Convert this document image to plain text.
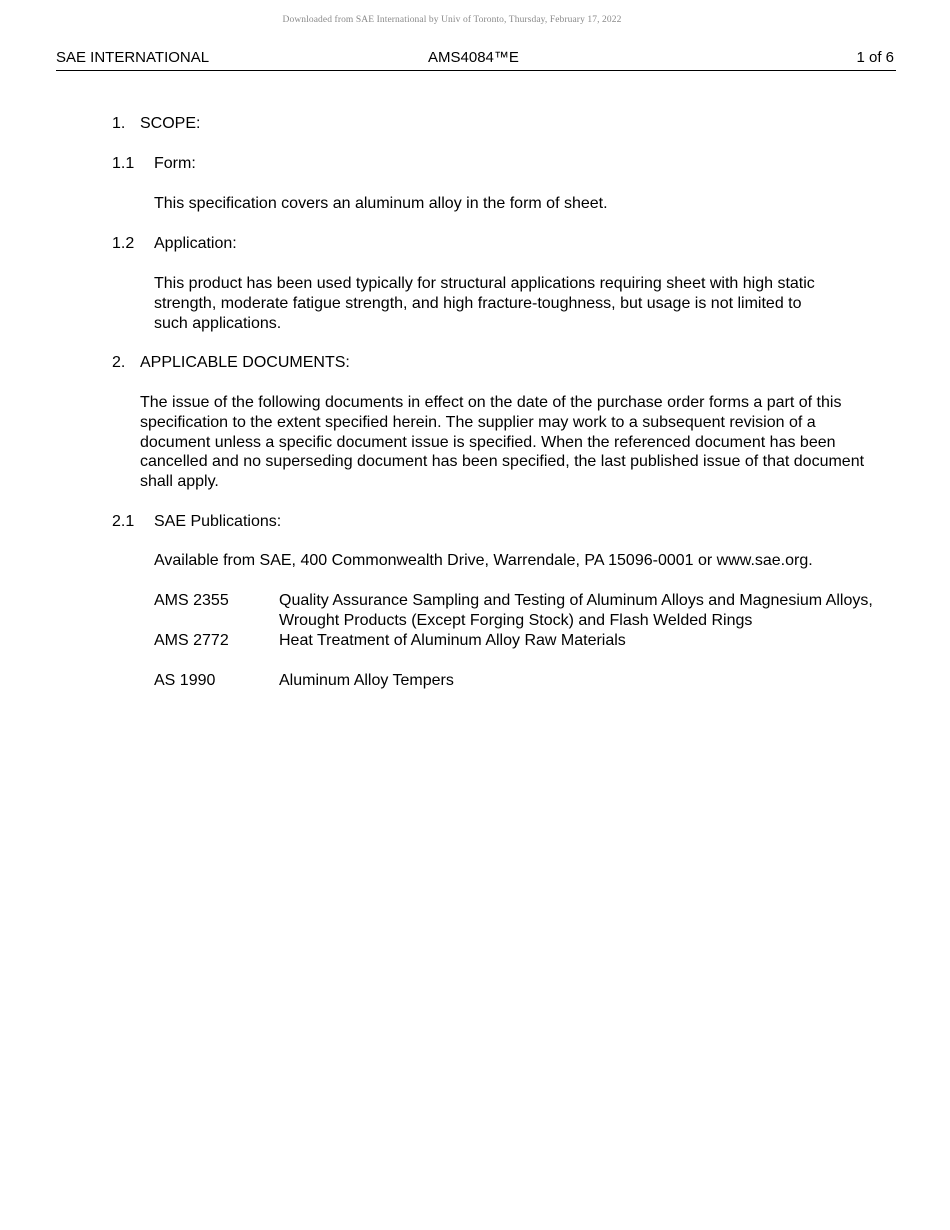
Downloaded from SAE International by Univ of Toronto, Thursday, February 17, 2022
SAE INTERNATIONAL	AMS4084™E	1 of 6
1. SCOPE:
1.1 Form:
This specification covers an aluminum alloy in the form of sheet.
1.2 Application:
This product has been used typically for structural applications requiring sheet with high static strength, moderate fatigue strength, and high fracture-toughness, but usage is not limited to such applications.
2. APPLICABLE DOCUMENTS:
The issue of the following documents in effect on the date of the purchase order forms a part of this specification to the extent specified herein. The supplier may work to a subsequent revision of a document unless a specific document issue is specified. When the referenced document has been cancelled and no superseding document has been specified, the last published issue of that document shall apply.
2.1 SAE Publications:
Available from SAE, 400 Commonwealth Drive, Warrendale, PA 15096-0001 or www.sae.org.
AMS 2355	Quality Assurance Sampling and Testing of Aluminum Alloys and Magnesium Alloys, Wrought Products (Except Forging Stock) and Flash Welded Rings
AMS 2772	Heat Treatment of Aluminum Alloy Raw Materials
AS 1990	Aluminum Alloy Tempers
